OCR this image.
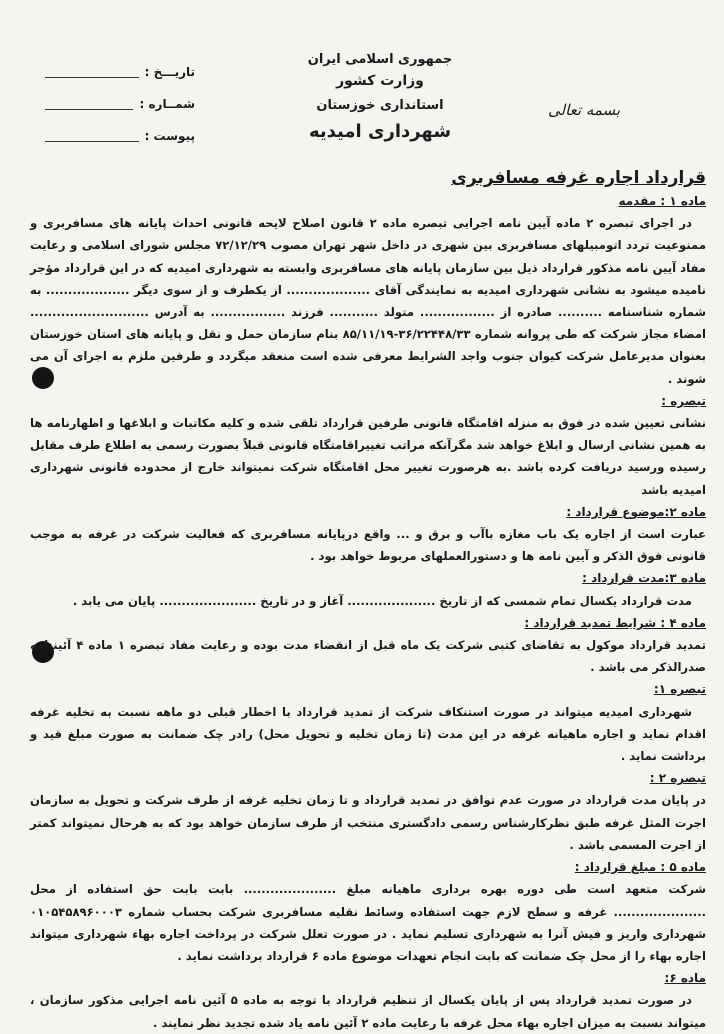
جمهوری اسلامی ایران
وزارت کشور
استانداری خوزستان
شهرداری امیدیه
تاریـــخ :
شمــاره :
پیوست :
بسمه تعالی
قرارداد اجاره غرفه مسافربری
ماده ۱ : مقدمه
در اجرای تبصره ۲ ماده آیین نامه اجرایی تبصره ماده ۲ قانون اصلاح لایحه قانونی احداث پایانه های مسافربری و ممنوعیت تردد اتومبیلهای مسافربری بین شهری در داخل شهر تهران مصوب ۷۲/۱۲/۲۹ مجلس شورای اسلامی و رعایت مفاد آیین نامه مذکور قرارداد ذیل بین سازمان پایانه های مسافربری وابسته به شهرداری امیدیه که در این قرارداد مؤجر نامیده میشود به نشانی شهرداری امیدیه به نمایندگی آقای ................... از یکطرف و از سوی دیگر ................... به شماره شناسنامه .......... صادره از ................. متولد ........... فرزند ................. به آدرس ........................... امضاء مجاز شرکت که طی پروانه شماره ۳۶/۲۲۴۴۸/۳۳-۸۵/۱۱/۱۹ بنام سازمان حمل و نقل و پایانه های استان خوزستان بعنوان مدیرعامل شرکت کیوان جنوب واجد الشرایط معرفی شده است منعقد میگردد و طرفین ملزم به اجرای آن می شوند .
تبصره :
نشانی تعیین شده در فوق به منزله اقامتگاه قانونی طرفین قرارداد تلقی شده و کلیه مکاتبات و ابلاغها و اظهارنامه ها به همین نشانی ارسال و ابلاغ خواهد شد مگرآنکه مراتب تغییراقامتگاه قانونی قبلاً بصورت رسمی به اطلاع طرف مقابل رسیده ورسید دریافت کرده باشد .به هرصورت تغییر محل اقامتگاه شرکت نمیتواند خارج از محدوده قانونی شهرداری امیدیه باشد
ماده ۲:موضوع قرارداد :
عبارت است از اجاره یک باب مغازه باآب و برق و ... واقع درپایانه مسافربری که فعالیت شرکت در غرفه به موجب قانونی فوق الذکر و آیین نامه ها و دستورالعملهای مربوط خواهد بود .
ماده ۳:مدت قرارداد :
مدت قرارداد یکسال تمام شمسی که از تاریخ .................... آغاز و در تاریخ ...................... پایان می یابد .
ماده ۴ : شرایط تمدید قرارداد :
تمدید قرارداد موکول به تقاضای کتبی شرکت یک ماه قبل از انقضاء مدت بوده و رعایت مفاد تبصره ۱ ماده ۴ آئیننامه صدرالذکر می باشد .
تبصره ۱:
شهرداری امیدیه میتواند در صورت استنکاف شرکت از تمدید قرارداد با اخطار قبلی دو ماهه نسبت به تخلیه غرفه اقدام نماید و اجاره ماهیانه غرفه در این مدت (تا زمان تخلیه و تحویل محل) رادر چک ضمانت به صورت مبلغ قید و برداشت نماید .
تبصره ۲ :
در پایان مدت قرارداد در صورت عدم توافق در تمدید قرارداد و تا زمان تخلیه غرفه از طرف شرکت و تحویل به سازمان اجرت المثل غرفه طبق نظرکارشناس رسمی دادگستری منتخب از طرف سازمان خواهد بود که به هرحال نمیتواند کمتر از اجرت المسمی باشد .
ماده ۵ : مبلغ قرارداد :
شرکت متعهد است طی دوره بهره برداری ماهیانه مبلغ ..................... بابت بابت حق استفاده از محل ..................... غرفه و سطح لازم جهت استفاده وسائط نقلیه مسافربری شرکت بحساب شماره ۰۱۰۵۴۵۸۹۶۰۰۰۳ شهرداری واریز و فیش آنرا به شهرداری تسلیم نماید . در صورت تعلل شرکت در پرداخت اجاره بهاء شهرداری میتواند اجاره بهاء را از محل چک ضمانت که بابت انجام تعهدات موضوع ماده ۶ قرارداد برداشت نماید .
ماده ۶:
در صورت تمدید قرارداد پس از پایان یکسال از تنظیم قرارداد با توجه به ماده ۵ آئین نامه اجرایی مذکور سازمان ، میتواند نسبت به میزان اجاره بهاء محل غرفه با رعایت ماده ۲ آئین نامه یاد شده تجدید نظر نمایند .
